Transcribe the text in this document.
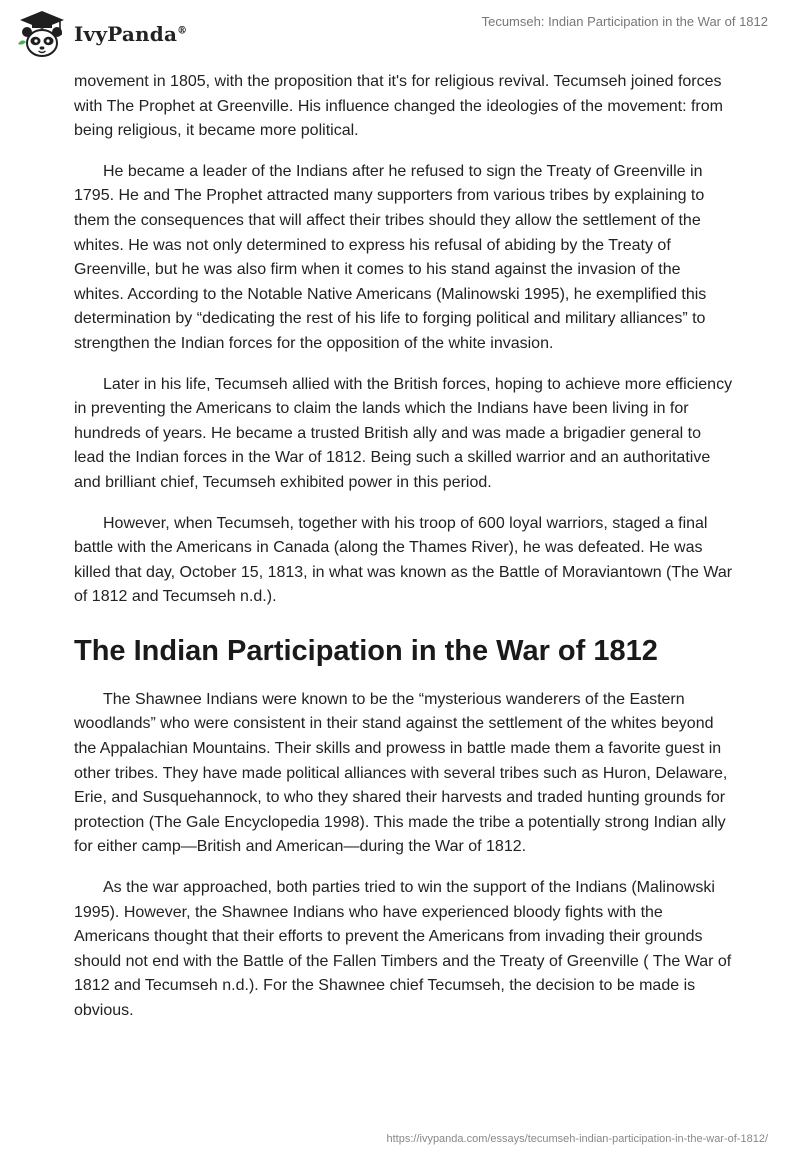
IvyPanda®
Tecumseh: Indian Participation in the War of 1812

movement in 1805, with the proposition that it's for religious revival. Tecumseh joined forces with The Prophet at Greenville. His influence changed the ideologies of the movement: from being religious, it became more political.

He became a leader of the Indians after he refused to sign the Treaty of Greenville in 1795. He and The Prophet attracted many supporters from various tribes by explaining to them the consequences that will affect their tribes should they allow the settlement of the whites. He was not only determined to express his refusal of abiding by the Treaty of Greenville, but he was also firm when it comes to his stand against the invasion of the whites. According to the Notable Native Americans (Malinowski 1995), he exemplified this determination by “dedicating the rest of his life to forging political and military alliances” to strengthen the Indian forces for the opposition of the white invasion.

Later in his life, Tecumseh allied with the British forces, hoping to achieve more efficiency in preventing the Americans to claim the lands which the Indians have been living in for hundreds of years. He became a trusted British ally and was made a brigadier general to lead the Indian forces in the War of 1812. Being such a skilled warrior and an authoritative and brilliant chief, Tecumseh exhibited power in this period.

However, when Tecumseh, together with his troop of 600 loyal warriors, staged a final battle with the Americans in Canada (along the Thames River), he was defeated. He was killed that day, October 15, 1813, in what was known as the Battle of Moraviantown (The War of 1812 and Tecumseh n.d.).

The Indian Participation in the War of 1812

The Shawnee Indians were known to be the “mysterious wanderers of the Eastern woodlands” who were consistent in their stand against the settlement of the whites beyond the Appalachian Mountains. Their skills and prowess in battle made them a favorite guest in other tribes. They have made political alliances with several tribes such as Huron, Delaware, Erie, and Susquehannock, to who they shared their harvests and traded hunting grounds for protection (The Gale Encyclopedia 1998). This made the tribe a potentially strong Indian ally for either camp—British and American—during the War of 1812.

As the war approached, both parties tried to win the support of the Indians (Malinowski 1995). However, the Shawnee Indians who have experienced bloody fights with the Americans thought that their efforts to prevent the Americans from invading their grounds should not end with the Battle of the Fallen Timbers and the Treaty of Greenville ( The War of 1812 and Tecumseh n.d.). For the Shawnee chief Tecumseh, the decision to be made is obvious.

https://ivypanda.com/essays/tecumseh-indian-participation-in-the-war-of-1812/
